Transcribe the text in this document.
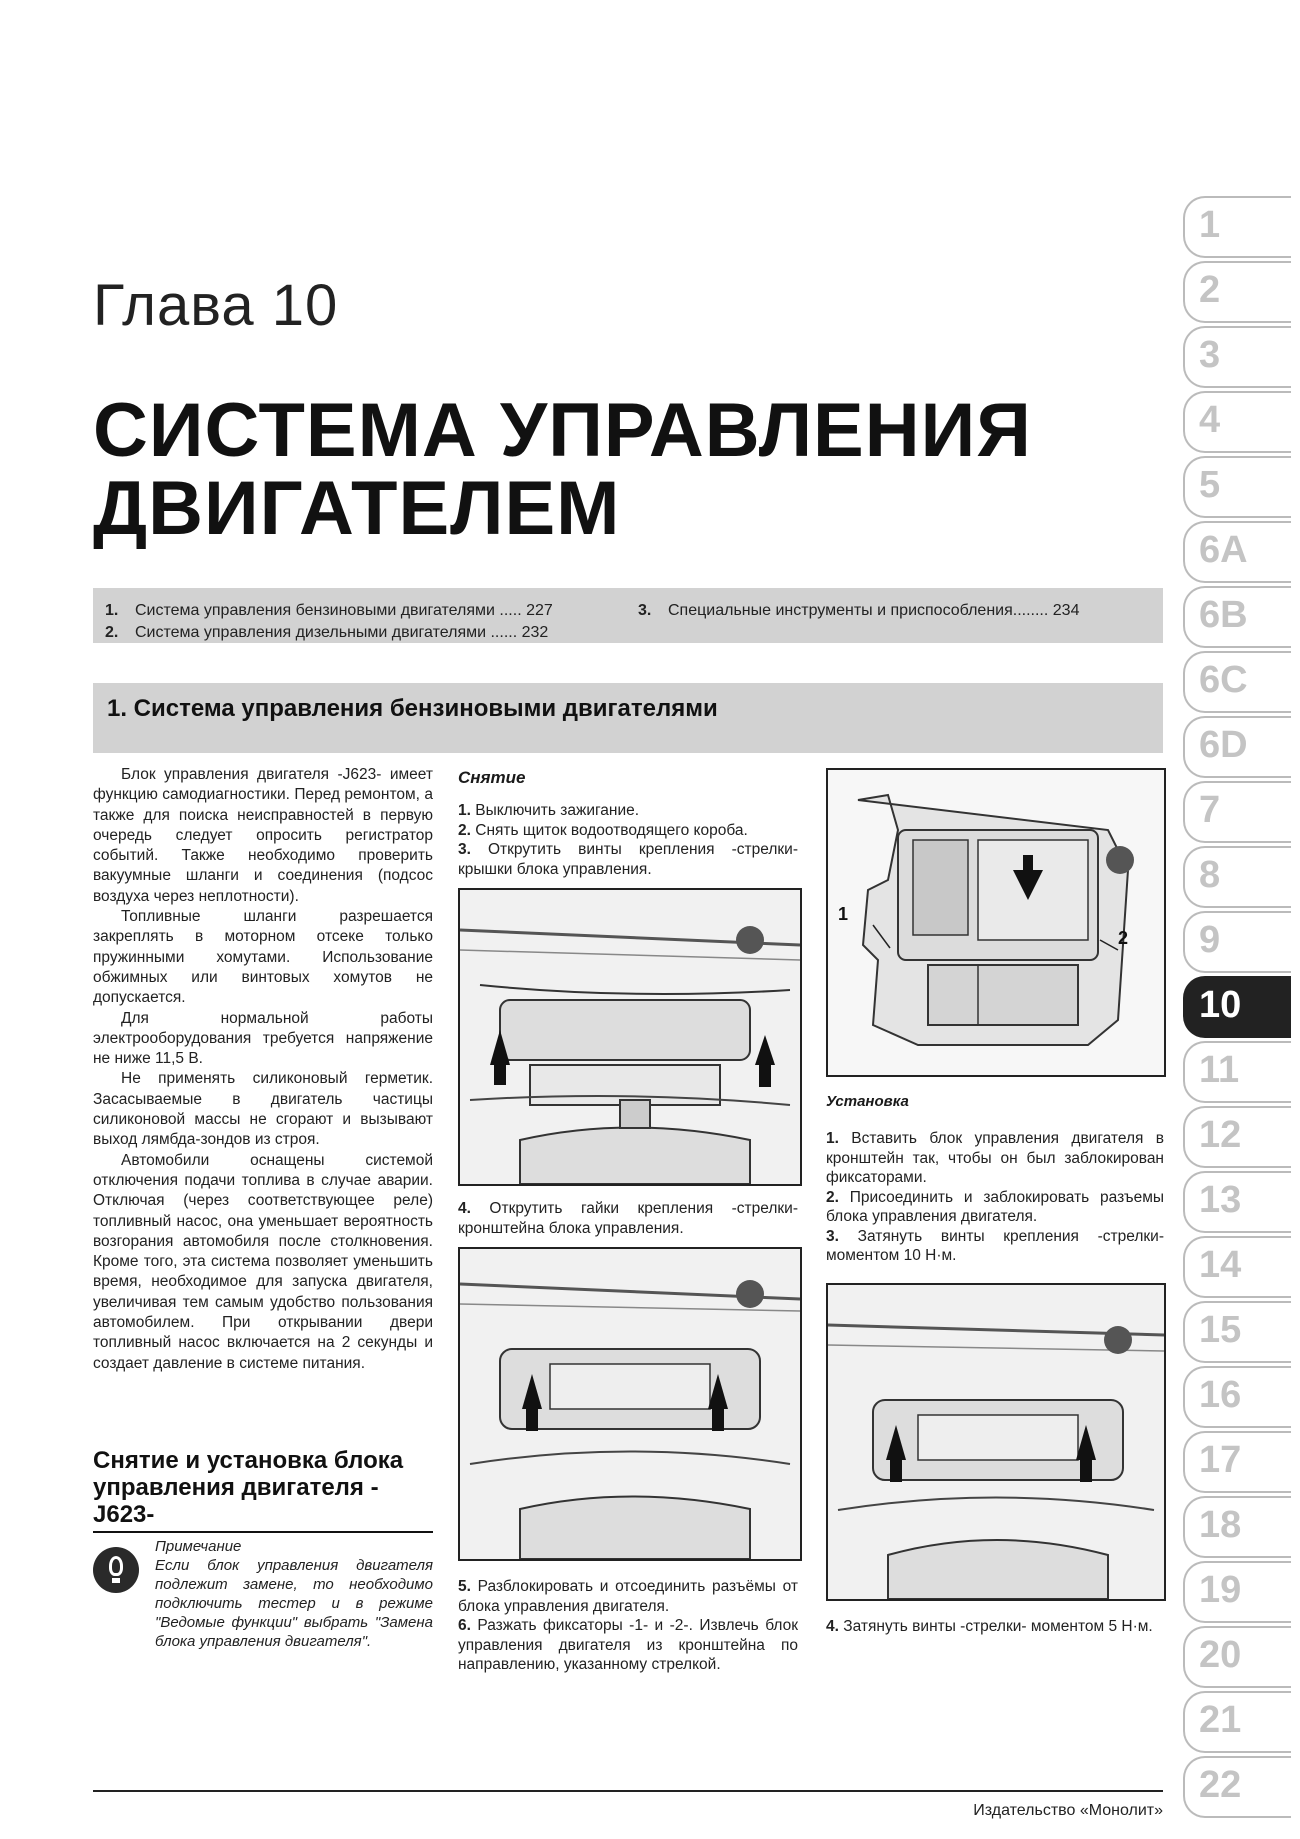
Глава 10
СИСТЕМА УПРАВЛЕНИЯ
ДВИГАТЕЛЕМ
1. Система управления бензиновыми двигателями ..... 227
2. Система управления дизельными двигателями ...... 232
3. Специальные инструменты и приспособления........ 234
1. Система управления бензиновыми двигателями

Блок управления двигателя -J623- имеет функцию самодиагностики. Перед ремонтом, а также для поиска неисправностей в первую очередь следует опросить регистратор событий. Также необходимо проверить вакуумные шланги и соединения (подсос воздуха через неплотности).

Топливные шланги разрешается закреплять в моторном отсеке только пружинными хомутами. Использование обжимных или винтовых хомутов не допускается.

Для нормальной работы электрооборудования требуется напряжение не ниже 11,5 В.

Не применять силиконовый герметик. Засасываемые в двигатель частицы силиконовой массы не сгорают и вызывают выход лямбда-зондов из строя.

Автомобили оснащены системой отключения подачи топлива в случае аварии. Отключая (через соответствующее реле) топливный насос, она уменьшает вероятность возгорания автомобиля после столкновения. Кроме того, эта система позволяет уменьшить время, необходимое для запуска двигателя, увеличивая тем самым удобство пользования автомобилем. При открывании двери топливный насос включается на 2 секунды и создает давление в системе питания.

Снятие и установка блока управления двигателя -J623-
Примечание
Если блок управления двигателя подлежит замене, то необходимо подключить тестер и в режиме "Ведомые функции" выбрать "Замена блока управления двигателя".
Снятие
1. Выключить зажигание.
2. Снять щиток водоотводящего короба.
3. Открутить винты крепления -стрелки- крышки блока управления.
4. Открутить гайки крепления -стрелки- кронштейна блока управления.
5. Разблокировать и отсоединить разъёмы от блока управления двигателя.
6. Разжать фиксаторы -1- и -2-. Извлечь блок управления двигателя из кронштейна по направлению, указанному стрелкой.
1
2
Установка
1. Вставить блок управления двигателя в кронштейн так, чтобы он был заблокирован фиксаторами.
2. Присоединить и заблокировать разъемы блока управления двигателя.
3. Затянуть винты крепления -стрелки- моментом 10 Н·м.
4. Затянуть винты -стрелки- моментом 5 Н·м.
1
2
3
4
5
6A
6B
6C
6D
7
8
9
10
11
12
13
14
15
16
17
18
19
20
21
22
Издательство «Монолит»
